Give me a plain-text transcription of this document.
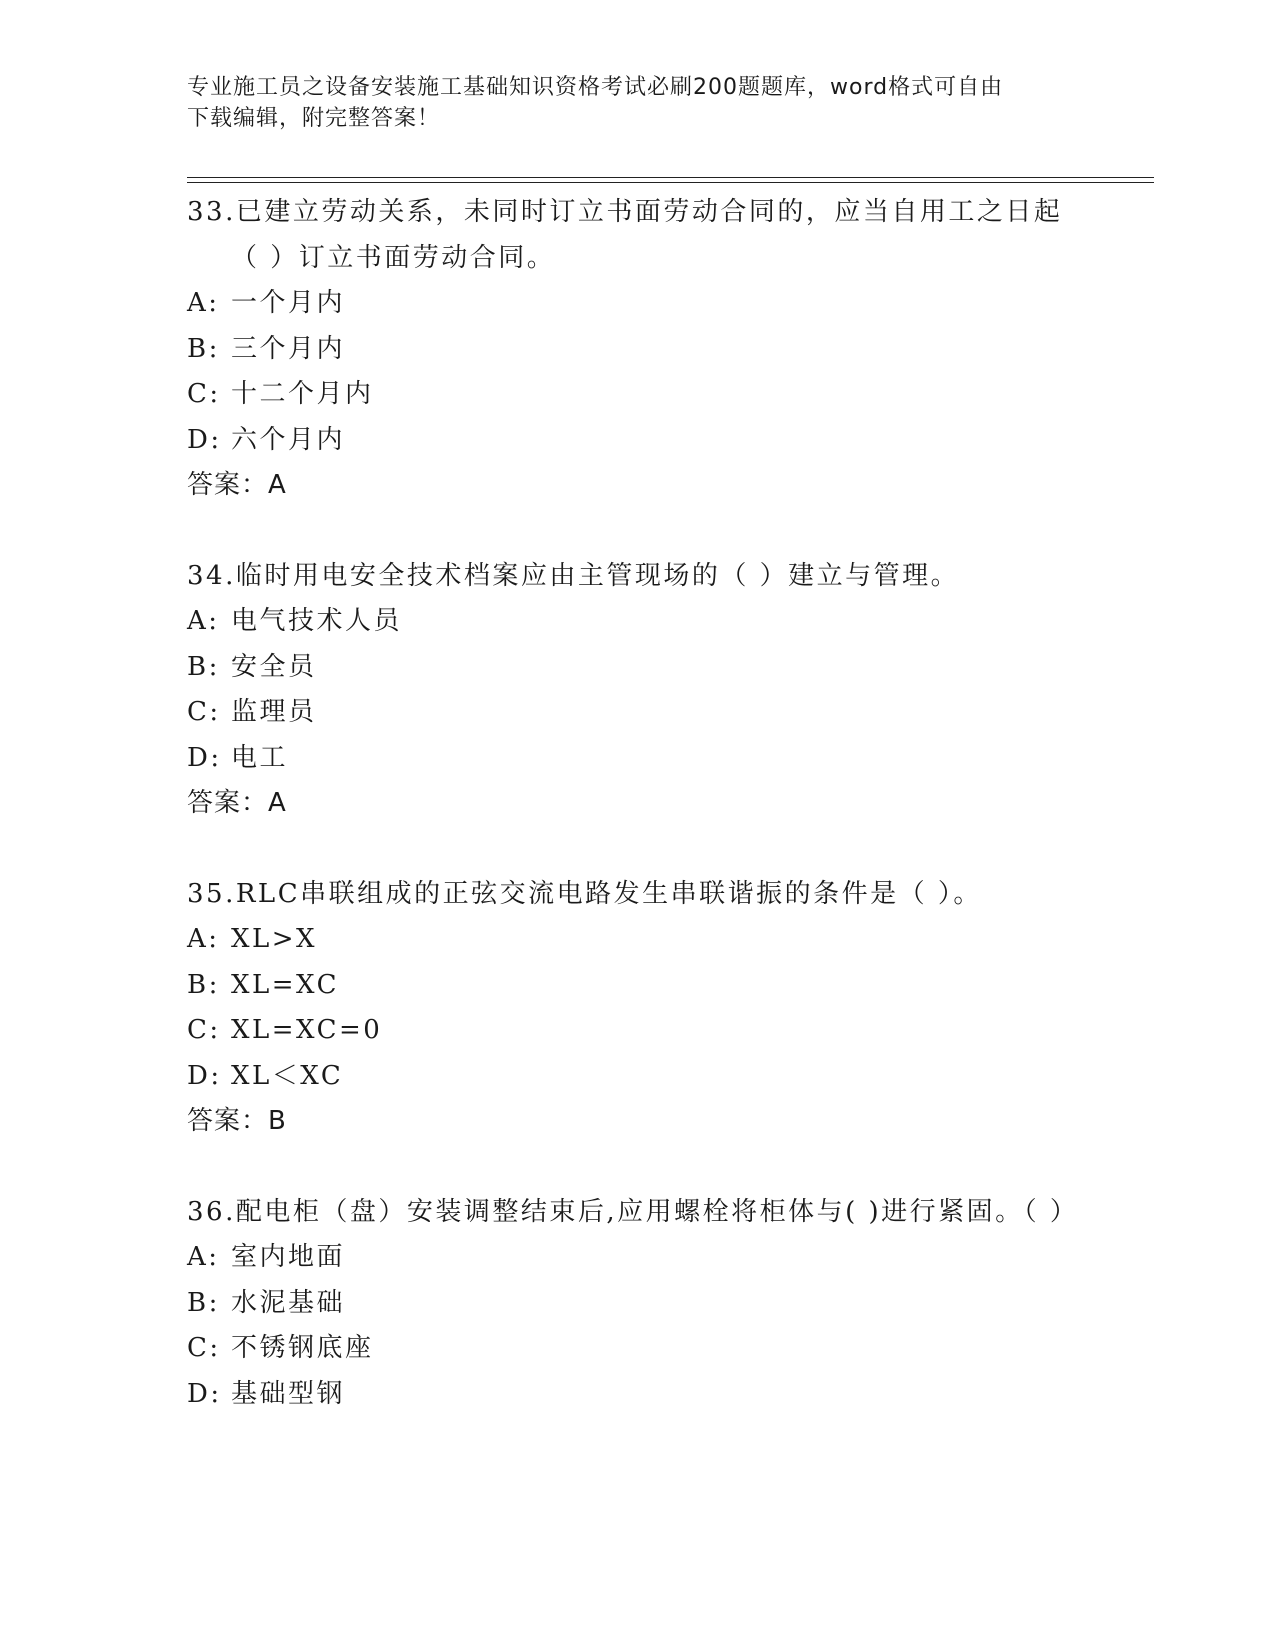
专业施工员之设备安装施工基础知识资格考试必刷200题题库，word格式可自由
下载编辑，附完整答案！
33.已建立劳动关系，未同时订立书面劳动合同的，应当自用工之日起（ ）订立书面劳动合同。
A: 一个月内
B: 三个月内
C: 十二个月内
D: 六个月内
答案：A
34.临时用电安全技术档案应由主管现场的（ ）建立与管理。
A: 电气技术人员
B: 安全员
C: 监理员
D: 电工
答案：A
35.RLC串联组成的正弦交流电路发生串联谐振的条件是（ ）。
A: XL>X
B: XL=XC
C: XL=XC=0
D: XL＜XC
答案：B
36.配电柜（盘）安装调整结束后,应用螺栓将柜体与( )进行紧固。（ ）
A: 室内地面
B: 水泥基础
C: 不锈钢底座
D: 基础型钢
